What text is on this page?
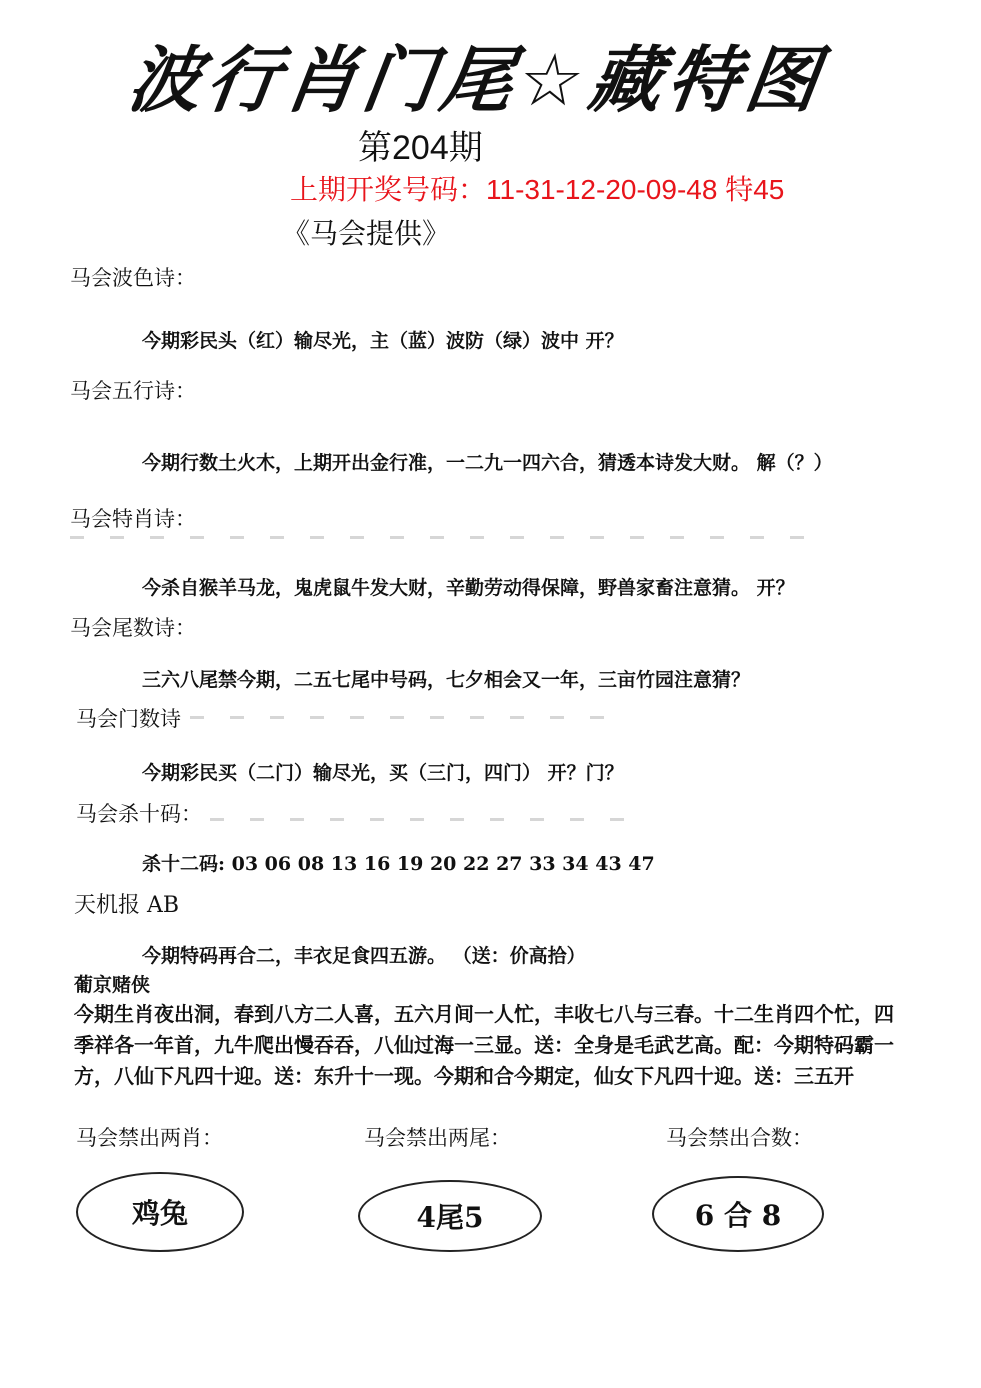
波行肖门尾☆藏特图
第204期
上期开奖号码：11-31-12-20-09-48 特45
《马会提供》
马会波色诗：
今期彩民头（红）输尽光，主（蓝）波防（绿）波中 开？
马会五行诗：
今期行数土火木，上期开出金行准，一二九一四六合，猜透本诗发大财。 解（？）
马会特肖诗：
今杀自猴羊马龙，鬼虎鼠牛发大财，辛勤劳动得保障，野兽家畜注意猜。 开？
马会尾数诗：
三六八尾禁今期，二五七尾中号码，七夕相会又一年，三亩竹园注意猜？
马会门数诗
今期彩民买（二门）输尽光，买（三门，四门） 开？门？
马会杀十码：
杀十二码: 03 06 08 13 16 19 20 22 27 33 34 43 47
天机报 AB
今期特码再合二，丰衣足食四五游。 （送：价高拾）
葡京赌侠
今期生肖夜出洞，春到八方二人喜，五六月间一人忙，丰收七八与三春。十二生肖四个忙，四季祥各一年首，九牛爬出慢吞吞，八仙过海一三显。送：全身是毛武艺高。配：今期特码霸一方，八仙下凡四十迎。送：东升十一现。今期和合今期定，仙女下凡四十迎。送：三五开
马会禁出两肖：	马会禁出两尾：	马会禁出合数：
鸡兔	4尾5	6 合 8
